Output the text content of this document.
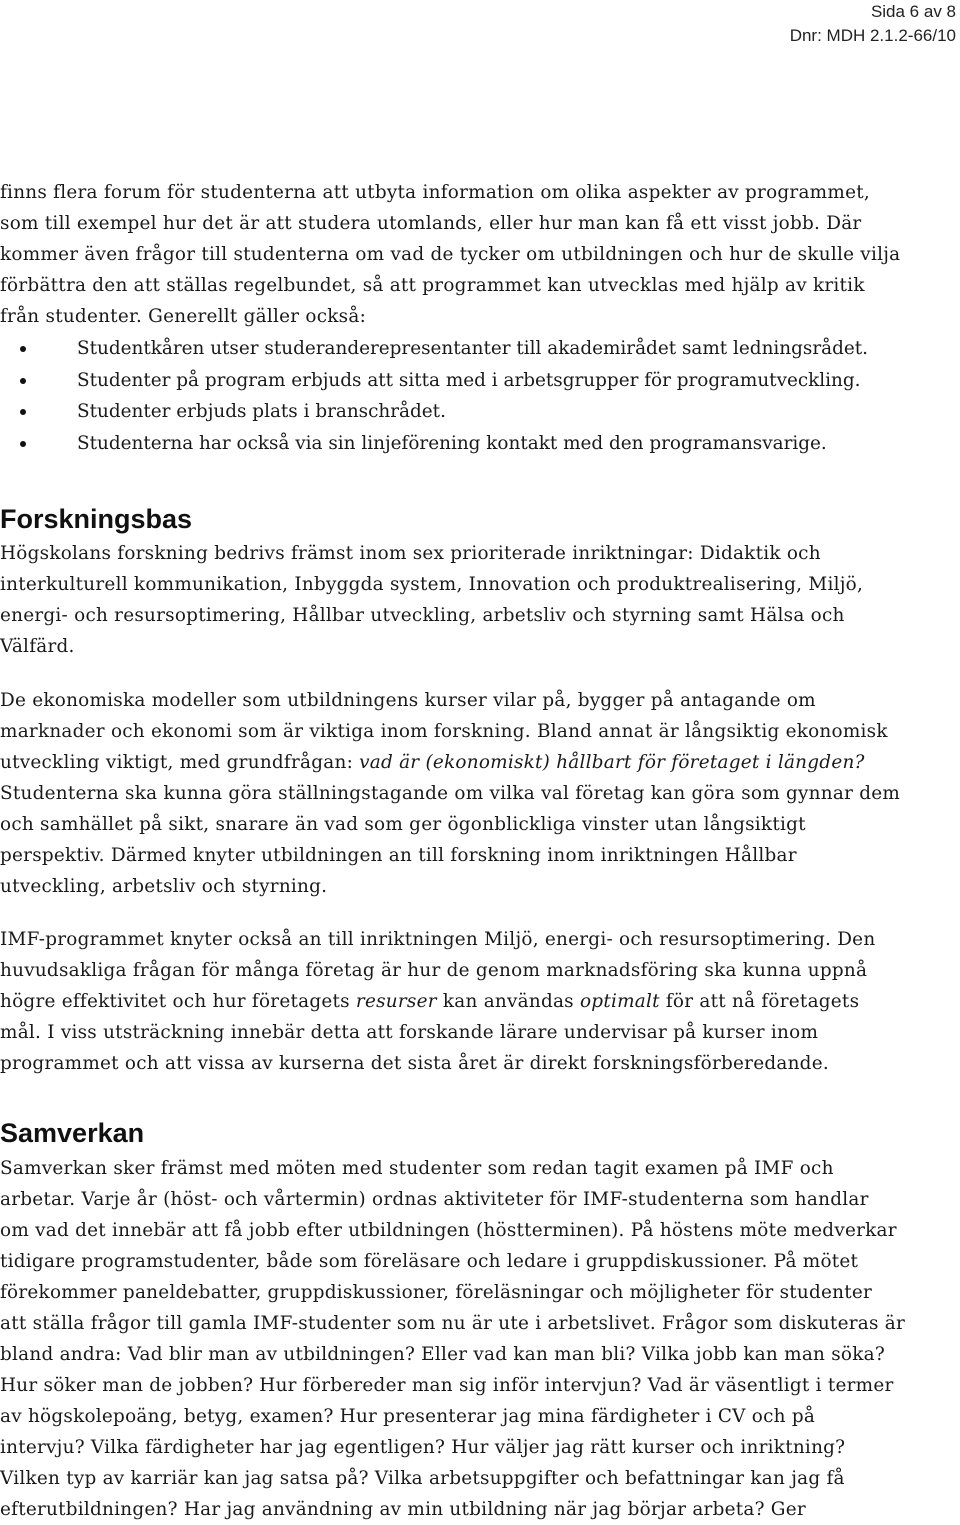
Sida 6 av 8
Dnr: MDH 2.1.2-66/10
finns flera forum för studenterna att utbyta information om olika aspekter av programmet,
som till exempel hur det är att studera utomlands, eller hur man kan få ett visst jobb. Där
kommer även frågor till studenterna om vad de tycker om utbildningen och hur de skulle vilja
förbättra den att ställas regelbundet, så att programmet kan utvecklas med hjälp av kritik
från studenter. Generellt gäller också:
Studentkåren utser studeranderepresentanter till akademirådet samt ledningsrådet.
Studenter på program erbjuds att sitta med i arbetsgrupper för programutveckling.
Studenter erbjuds plats i branschrådet.
Studenterna har också via sin linjeförening kontakt med den programansvarige.
Forskningsbas
Högskolans forskning bedrivs främst inom sex prioriterade inriktningar: Didaktik och
interkulturell kommunikation, Inbyggda system, Innovation och produktrealisering, Miljö,
energi- och resursoptimering, Hållbar utveckling, arbetsliv och styrning samt Hälsa och
Välfärd.
De ekonomiska modeller som utbildningens kurser vilar på, bygger på antagande om
marknader och ekonomi som är viktiga inom forskning. Bland annat är långsiktig ekonomisk
utveckling viktigt, med grundfrågan: vad är (ekonomiskt) hållbart för företaget i längden?
Studenterna ska kunna göra ställningstagande om vilka val företag kan göra som gynnar dem
och samhället på sikt, snarare än vad som ger ögonblickliga vinster utan långsiktigt
perspektiv. Därmed knyter utbildningen an till forskning inom inriktningen Hållbar
utveckling, arbetsliv och styrning.
IMF-programmet knyter också an till inriktningen Miljö, energi- och resursoptimering. Den
huvudsakliga frågan för många företag är hur de genom marknadsföring ska kunna uppnå
högre effektivitet och hur företagets resurser kan användas optimalt för att nå företagets
mål. I viss utsträckning innebär detta att forskande lärare undervisar på kurser inom
programmet och att vissa av kurserna det sista året är direkt forskningsförberedande.
Samverkan
Samverkan sker främst med möten med studenter som redan tagit examen på IMF och
arbetar. Varje år (höst- och vårtermin) ordnas aktiviteter för IMF-studenterna som handlar
om vad det innebär att få jobb efter utbildningen (höstterminen). På höstens möte medverkar
tidigare programstudenter, både som föreläsare och ledare i gruppdiskussioner. På mötet
förekommer paneldebatter, gruppdiskussioner, föreläsningar och möjligheter för studenter
att ställa frågor till gamla IMF-studenter som nu är ute i arbetslivet. Frågor som diskuteras är
bland andra: Vad blir man av utbildningen? Eller vad kan man bli? Vilka jobb kan man söka?
Hur söker man de jobben? Hur förbereder man sig inför intervjun? Vad är väsentligt i termer
av högskolepoäng, betyg, examen? Hur presenterar jag mina färdigheter i CV och på
intervju? Vilka färdigheter har jag egentligen? Hur väljer jag rätt kurser och inriktning?
Vilken typ av karriär kan jag satsa på? Vilka arbetsuppgifter och befattningar kan jag få
efterutbildningen? Har jag användning av min utbildning när jag börjar arbeta? Ger
